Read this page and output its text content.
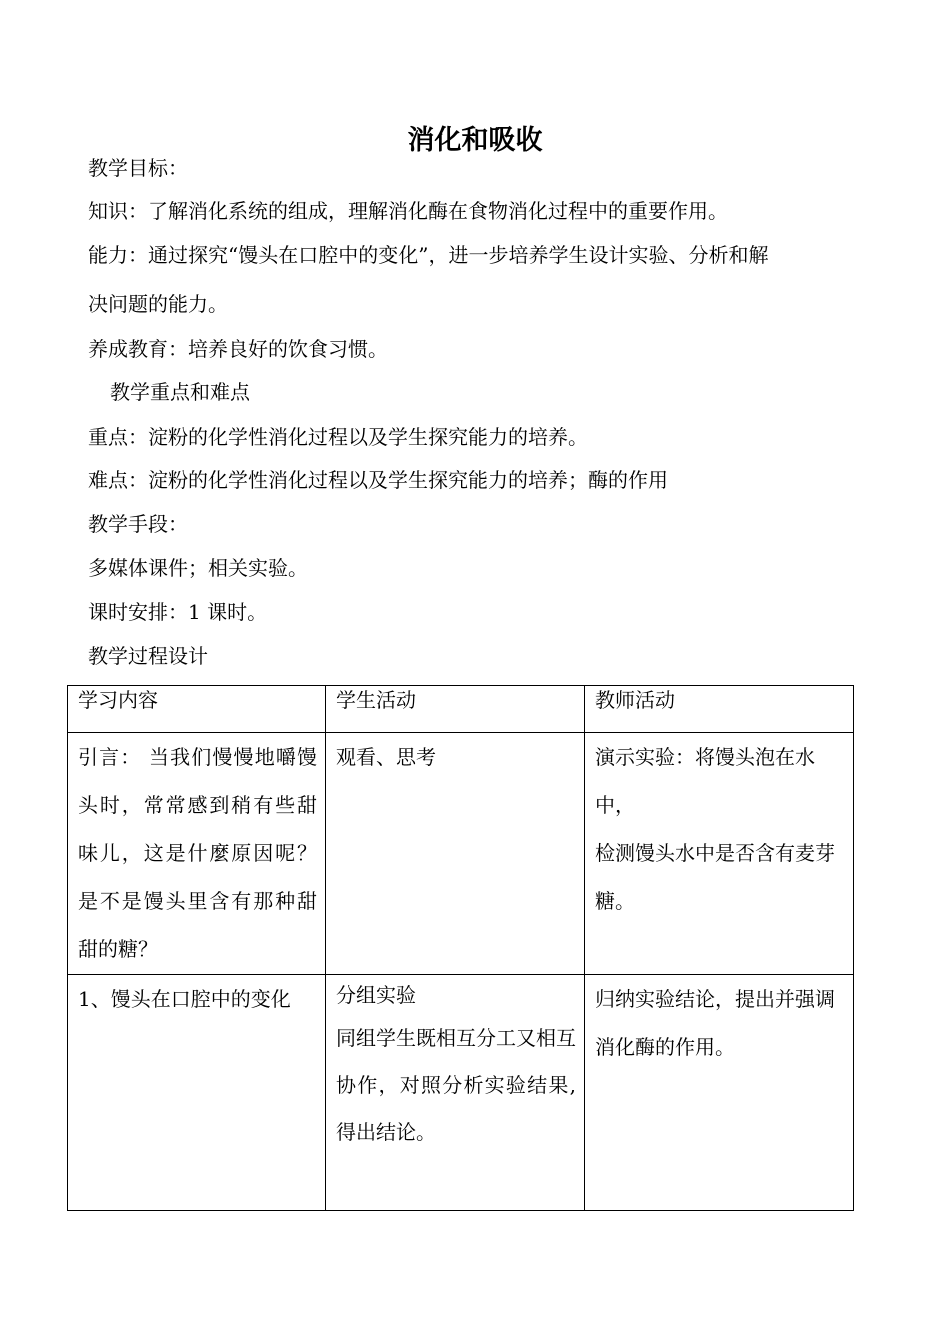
消化和吸收
教学目标：
知识：了解消化系统的组成，理解消化酶在食物消化过程中的重要作用。
能力：通过探究“馒头在口腔中的变化”，进一步培养学生设计实验、分析和解
决问题的能力。
养成教育：培养良好的饮食习惯。
教学重点和难点
重点：淀粉的化学性消化过程以及学生探究能力的培养。
难点：淀粉的化学性消化过程以及学生探究能力的培养；酶的作用
教学手段：
多媒体课件；相关实验。
课时安排：1 课时。
教学过程设计
学习内容	学生活动	教师活动

引言： 当我们慢慢地嚼馒头时，常常感到稍有些甜味儿，这是什麼原因呢？是不是馒头里含有那种甜甜的糖？	观看、思考	演示实验：将馒头泡在水中，
检测馒头水中是否含有麦芽糖。

1、馒头在口腔中的变化	分组实验
同组学生既相互分工又相互协作，对照分析实验结果,得出结论。	归纳实验结论，提出并强调消化酶的作用。
